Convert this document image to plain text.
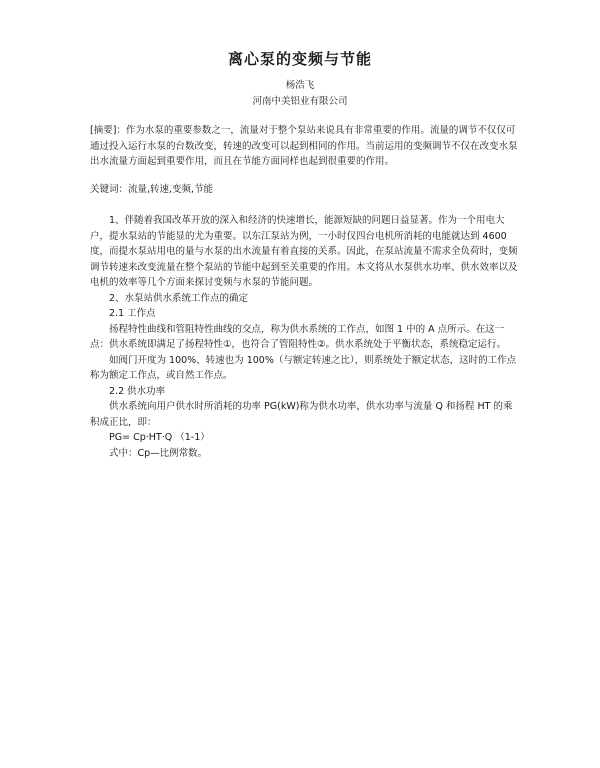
离心泵的变频与节能
杨浩飞
河南中美铝业有限公司

[摘要]：作为水泵的重要参数之一，流量对于整个泵站来说具有非常重要的作用。流量的调节不仅仅可通过投入运行水泵的台数改变，转速的改变可以起到相同的作用。当前运用的变频调节不仅在改变水泵出水流量方面起到重要作用，而且在节能方面同样也起到很重要的作用。

关键词：流量,转速,变频,节能

1、伴随着我国改革开放的深入和经济的快速增长，能源短缺的问题日益显著。作为一个用电大户，提水泵站的节能显的尤为重要。以东江泵站为例，一小时仅四台电机所消耗的电能就达到 4600 度，而提水泵站用电的量与水泵的出水流量有着直接的关系。因此，在泵站流量不需求全负荷时，变频调节转速来改变流量在整个泵站的节能中起到至关重要的作用。本文将从水泵供水功率、供水效率以及电机的效率等几个方面来探讨变频与水泵的节能问题。

2、水泵站供水系统工作点的确定

2.1 工作点

扬程特性曲线和管阻特性曲线的交点，称为供水系统的工作点，如图 1 中的 A 点所示。在这一点：供水系统即满足了扬程特性①，也符合了管阻特性②。供水系统处于平衡状态，系统稳定运行。

如阀门开度为 100%、转速也为 100%（与额定转速之比），则系统处于额定状态，这时的工作点称为额定工作点，或自然工作点。

2.2 供水功率

供水系统向用户供水时所消耗的功率 PG(kW)称为供水功率，供水功率与流量 Q 和扬程 HT 的乘积成正比，即：

PG= Cp·HT·Q （1-1）

式中：Cp—比例常数。
